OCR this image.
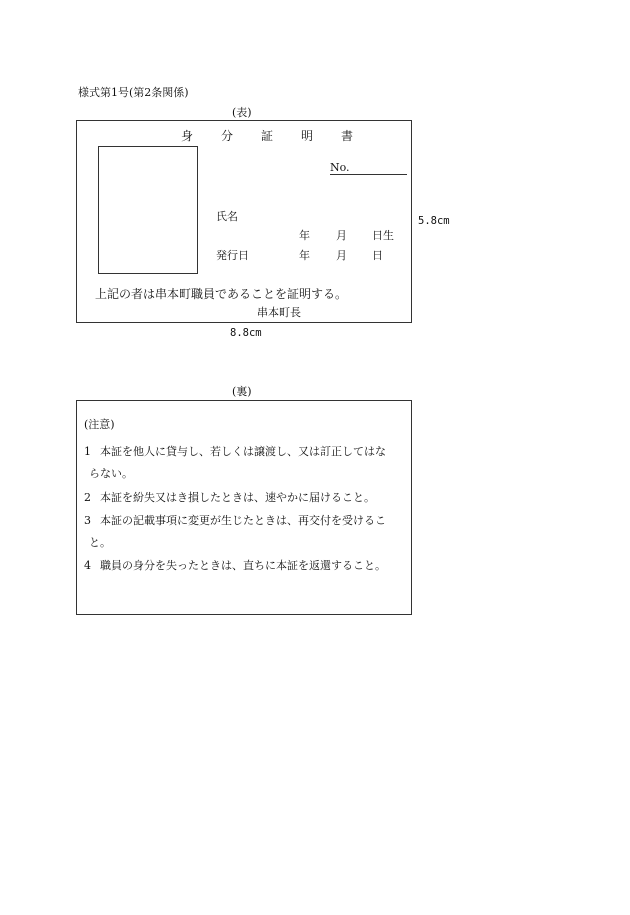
様式第1号(第2条関係)
(表)
身 分 証 明 書
No.
氏名
年 月 日生
発行日	年 月 日
上記の者は串本町職員であることを証明する。
串本町長
5.8cm
8.8cm
(裏)
(注意)
1 本証を他人に貸与し、若しくは譲渡し、又は訂正してはな
らない。
2 本証を紛失又はき損したときは、速やかに届けること。
3 本証の記載事項に変更が生じたときは、再交付を受けるこ
と。
4 職員の身分を失ったときは、直ちに本証を返還すること。
